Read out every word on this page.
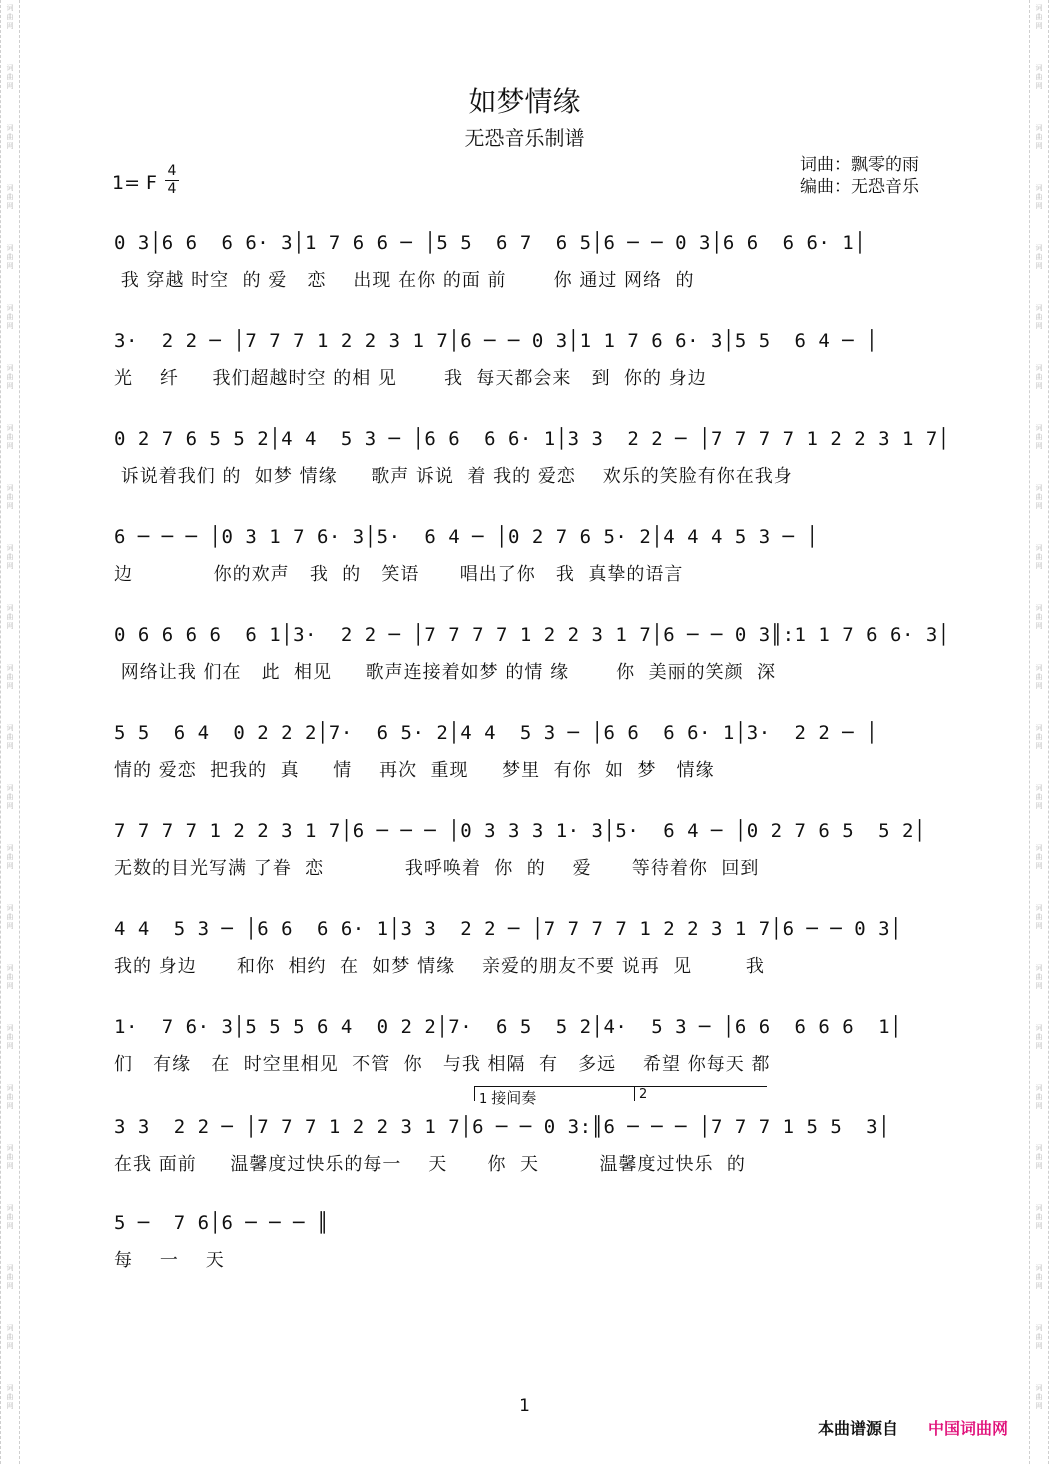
词
曲
网
词
曲
网
词
曲
网
词
曲
网
词
曲
网
词
曲
网
词
曲
网
词
曲
网
词
曲
网
词
曲
网
词
曲
网
词
曲
网
词
曲
网
词
曲
网
词
曲
网
词
曲
网
词
曲
网
词
曲
网
词
曲
网
词
曲
网
词
曲
网
词
曲
网
词
曲
网
词
曲
网
词
曲
网
词
曲
网
词
曲
网
词
曲
网
词
曲
网
词
曲
网
词
曲
网
词
曲
网
词
曲
网
词
曲
网
词
曲
网
词
曲
网
词
曲
网
词
曲
网
词
曲
网
词
曲
网
词
曲
网
词
曲
网
词
曲
网
词
曲
网
词
曲
网
词
曲
网
词
曲
网
词
曲
网
如梦情缘
无恐音乐制谱
词曲：飘零的雨
编曲：无恐音乐
1= F
4
4
0 3│6 6  6 6· 3│1 7 6 6 ─ │5 5  6 7  6 5│6 ─ ─ 0 3│6 6  6 6· 1│
我 穿越 时空  的 爱   恋    出现 在你 的面 前       你 通过 网络  的
3·  2 2 ─ │7 7 7 1 2 2 3 1 7│6 ─ ─ 0 3│1 1 7 6 6· 3│5 5  6 4 ─ │
光    纤     我们超越时空 的相 见       我  每天都会来   到  你的 身边
0 2 7 6 5 5 2│4 4  5 3 ─ │6 6  6 6· 1│3 3  2 2 ─ │7 7 7 7 1 2 2 3 1 7│
诉说着我们 的  如梦 情缘     歌声 诉说  着 我的 爱恋    欢乐的笑脸有你在我身
6 ─ ─ ─ │0 3 1 7 6· 3│5·  6 4 ─ │0 2 7 6 5· 2│4 4 4 5 3 ─ │
边            你的欢声   我  的   笑语      唱出了你   我  真挚的语言
0 6 6 6 6  6 1│3·  2 2 ─ │7 7 7 7 1 2 2 3 1 7│6 ─ ─ 0 3║:1 1 7 6 6· 3│
网络让我 们在   此  相见     歌声连接着如梦 的情 缘       你  美丽的笑颜  深
5 5  6 4  0 2 2 2│7·  6 5· 2│4 4  5 3 ─ │6 6  6 6· 1│3·  2 2 ─ │
情的 爱恋  把我的  真     情    再次  重现     梦里  有你  如  梦   情缘
7 7 7 7 1 2 2 3 1 7│6 ─ ─ ─ │0 3 3 3 1· 3│5·  6 4 ─ │0 2 7 6 5  5 2│
无数的目光写满 了眷  恋            我呼唤着  你  的    爱      等待着你  回到
4 4  5 3 ─ │6 6  6 6· 1│3 3  2 2 ─ │7 7 7 7 1 2 2 3 1 7│6 ─ ─ 0 3│
我的 身边      和你  相约  在  如梦 情缘    亲爱的朋友不要 说再  见        我
1·  7 6· 3│5 5 5 6 4  0 2 2│7·  6 5  5 2│4·  5 3 ─ │6 6  6 6 6  1│
们   有缘   在  时空里相见  不管  你   与我 相隔  有   多远    希望 你每天 都
1 接间奏	2
3 3  2 2 ─ │7 7 7 1 2 2 3 1 7│6 ─ ─ 0 3:║6 ─ ─ ─ │7 7 7 1 5 5  3│
在我 面前     温馨度过快乐的每一    天      你  天         温馨度过快乐  的
5 ─  7 6│6 ─ ─ ─ ║
每    一    天
1
本曲谱源自 中国词曲网
